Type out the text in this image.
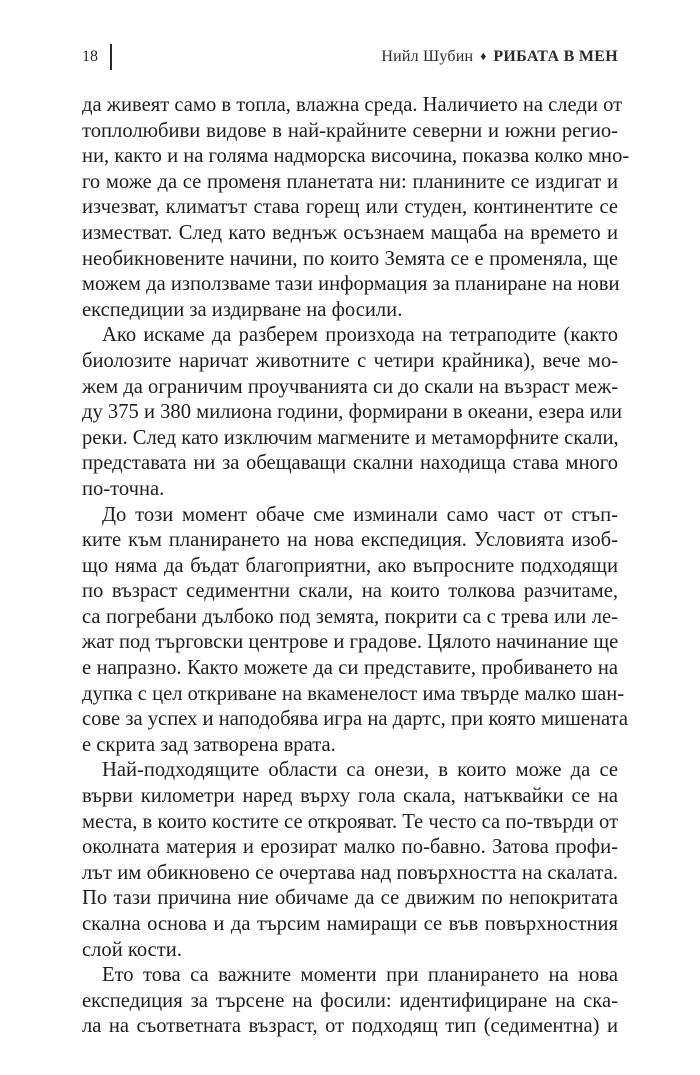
18	Нийл Шубин ♦ РИБАТА В МЕН

да живеят само в топла, влажна среда. Наличието на следи от
топлолюбиви видове в най-крайните северни и южни регио-
ни, както и на голяма надморска височина, показва колко мно-
го може да се променя планетата ни: планините се издигат и
изчезват, климатът става горещ или студен, континентите се
изместват. След като веднъж осъзнаем мащаба на времето и
необикновените начини, по които Земята се е променяла, ще
можем да използваме тази информация за планиране на нови
експедиции за издирване на фосили.

Ако искаме да разберем произхода на тетраподите (както
биолозите наричат животните с четири крайника), вече мо-
жем да ограничим проучванията си до скали на възраст меж-
ду 375 и 380 милиона години, формирани в океани, езера или
реки. След като изключим магмените и метаморфните скали,
представата ни за обещаващи скални находища става много
по-точна.

До този момент обаче сме изминали само част от стъп-
ките към планирането на нова експедиция. Условията изоб-
що няма да бъдат благоприятни, ако въпросните подходящи
по възраст седиментни скали, на които толкова разчитаме,
са погребани дълбоко под земята, покрити са с трева или ле-
жат под търговски центрове и градове. Цялото начинание ще
е напразно. Както можете да си представите, пробиването на
дупка с цел откриване на вкаменелост има твърде малко шан-
сове за успех и наподобява игра на дартс, при която мишената
е скрита зад затворена врата.

Най-подходящите области са онези, в които може да се
върви километри наред върху гола скала, натъквайки се на
места, в които костите се открояват. Те често са по-твърди от
околната материя и ерозират малко по-бавно. Затова профи-
лът им обикновено се очертава над повърхността на скалата.
По тази причина ние обичаме да се движим по непокритата
скална основа и да търсим намиращи се във повърхностния
слой кости.

Ето това са важните моменти при планирането на нова
експедиция за търсене на фосили: идентифициране на ска-
ла на съответната възраст, от подходящ тип (седиментна) и
